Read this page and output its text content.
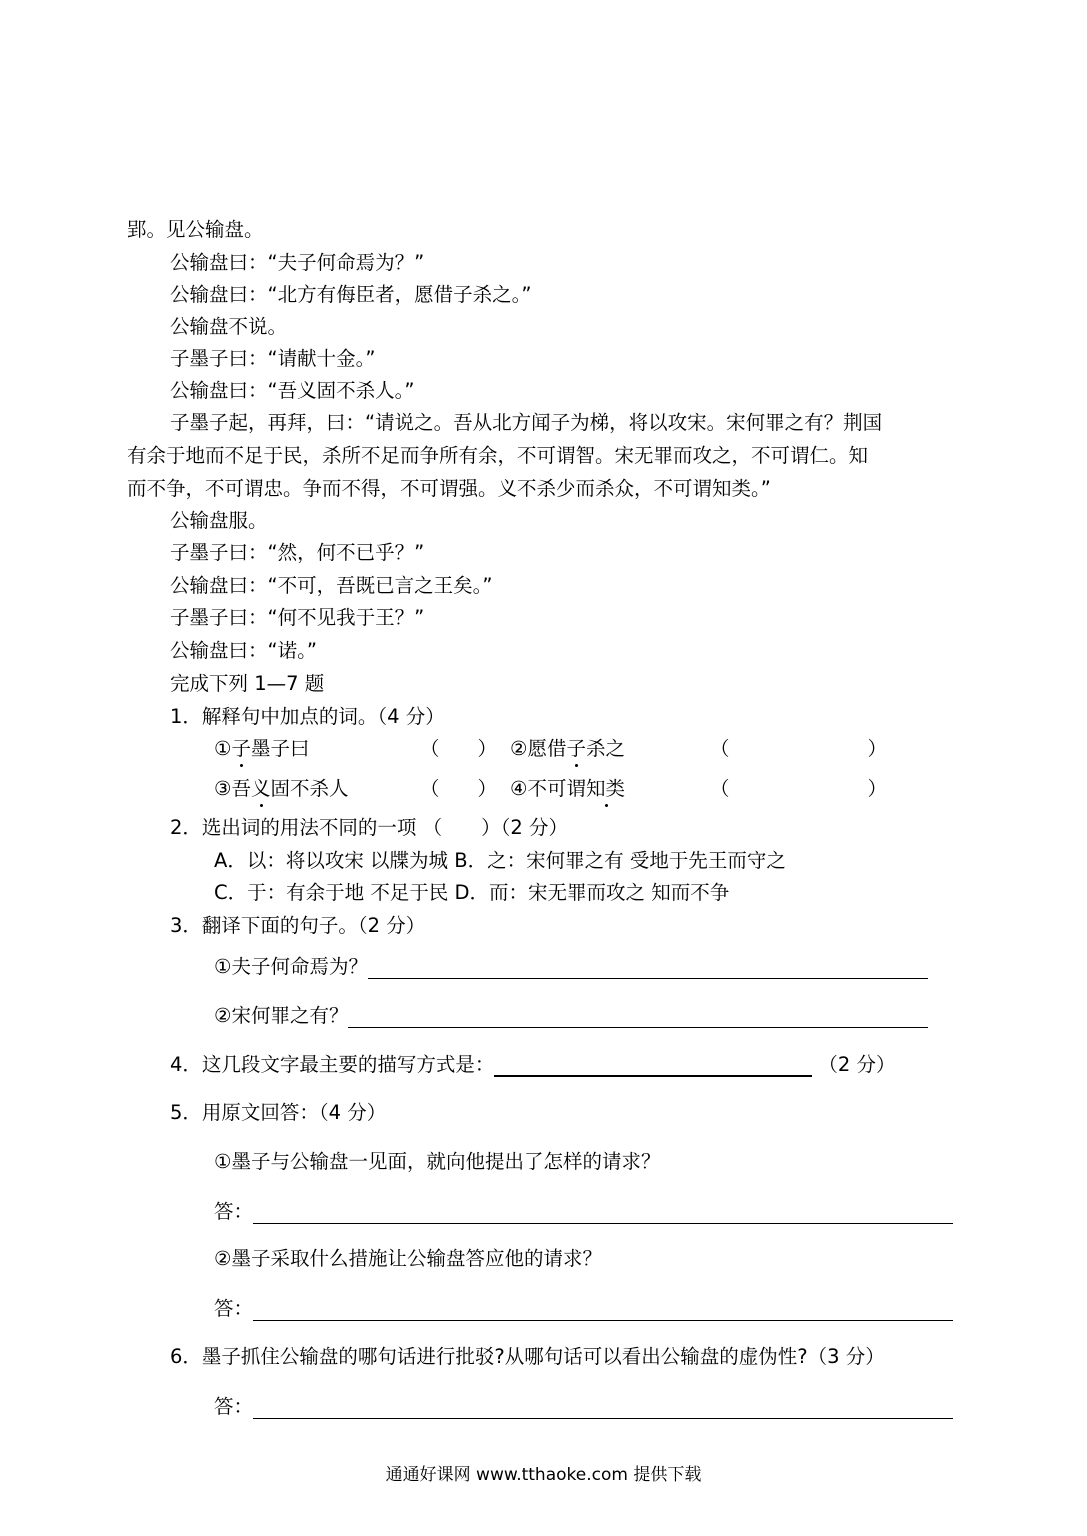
郢。见公输盘。
公输盘曰：“夫子何命焉为？”
公输盘曰：“北方有侮臣者，愿借子杀之。”
公输盘不说。
子墨子曰：“请献十金。”
公输盘曰：“吾义固不杀人。”
子墨子起，再拜，曰：“请说之。吾从北方闻子为梯，将以攻宋。宋何罪之有？荆国
有余于地而不足于民，杀所不足而争所有余，不可谓智。宋无罪而攻之，不可谓仁。知
而不争，不可谓忠。争而不得，不可谓强。义不杀少而杀众，不可谓知类。”
公输盘服。
子墨子曰：“然，何不已乎？”
公输盘曰：“不可，吾既已言之王矣。”
子墨子曰：“何不见我于王？”
公输盘曰：“诺。”
完成下列 1—7 题
1．解释句中加点的词。（4 分）
①子墨子曰	（ ） ②愿借子杀之	（	）
③吾义固不杀人	（ ） ④不可谓知类	（	）
2．选出词的用法不同的一项 （　　）（2 分）
A．以：将以攻宋 以牒为城 B．之：宋何罪之有 受地于先王而守之
C．于：有余于地 不足于民 D．而：宋无罪而攻之 知而不争
3．翻译下面的句子。（2 分）
①夫子何命焉为？
②宋何罪之有？
4．这几段文字最主要的描写方式是：	（2 分）
5．用原文回答：（4 分）
①墨子与公输盘一见面，就向他提出了怎样的请求？
答：
②墨子采取什么措施让公输盘答应他的请求？
答：
6．墨子抓住公输盘的哪句话进行批驳?从哪句话可以看出公输盘的虚伪性?（3 分）
答：
通通好课网 www.tthaoke.com 提供下载
